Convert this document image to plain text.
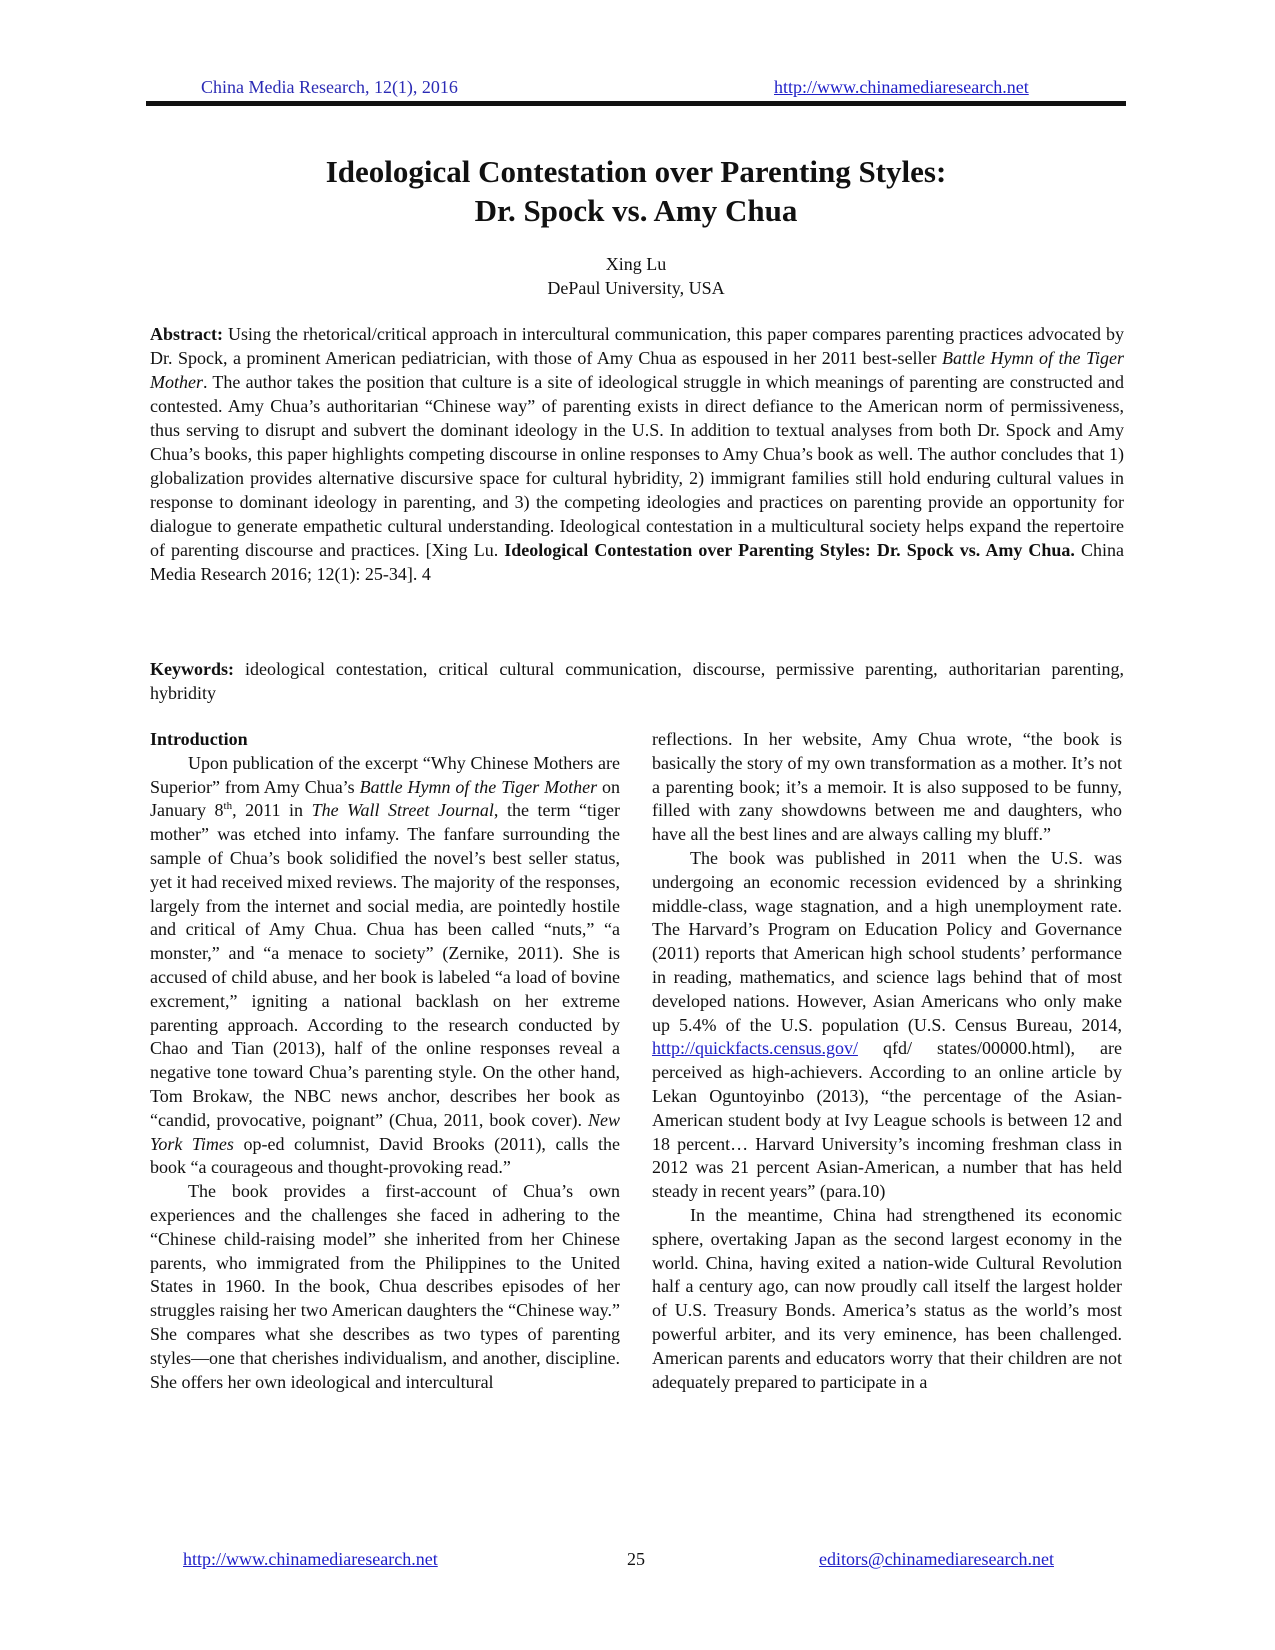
China Media Research, 12(1), 2016	http://www.chinamediaresearch.net
Ideological Contestation over Parenting Styles:
Dr. Spock vs. Amy Chua
Xing Lu
DePaul University, USA
Abstract: Using the rhetorical/critical approach in intercultural communication, this paper compares parenting practices advocated by Dr. Spock, a prominent American pediatrician, with those of Amy Chua as espoused in her 2011 best-seller Battle Hymn of the Tiger Mother. The author takes the position that culture is a site of ideological struggle in which meanings of parenting are constructed and contested. Amy Chua’s authoritarian “Chinese way” of parenting exists in direct defiance to the American norm of permissiveness, thus serving to disrupt and subvert the dominant ideology in the U.S. In addition to textual analyses from both Dr. Spock and Amy Chua’s books, this paper highlights competing discourse in online responses to Amy Chua’s book as well. The author concludes that 1) globalization provides alternative discursive space for cultural hybridity, 2) immigrant families still hold enduring cultural values in response to dominant ideology in parenting, and 3) the competing ideologies and practices on parenting provide an opportunity for dialogue to generate empathetic cultural understanding. Ideological contestation in a multicultural society helps expand the repertoire of parenting discourse and practices. [Xing Lu. Ideological Contestation over Parenting Styles: Dr. Spock vs. Amy Chua. China Media Research 2016; 12(1): 25-34]. 4
Keywords: ideological contestation, critical cultural communication, discourse, permissive parenting, authoritarian parenting, hybridity
Introduction

Upon publication of the excerpt “Why Chinese Mothers are Superior” from Amy Chua’s Battle Hymn of the Tiger Mother on January 8th, 2011 in The Wall Street Journal, the term “tiger mother” was etched into infamy. The fanfare surrounding the sample of Chua’s book solidified the novel’s best seller status, yet it had received mixed reviews. The majority of the responses, largely from the internet and social media, are pointedly hostile and critical of Amy Chua. Chua has been called “nuts,” “a monster,” and “a menace to society” (Zernike, 2011). She is accused of child abuse, and her book is labeled “a load of bovine excrement,” igniting a national backlash on her extreme parenting approach. According to the research conducted by Chao and Tian (2013), half of the online responses reveal a negative tone toward Chua’s parenting style. On the other hand, Tom Brokaw, the NBC news anchor, describes her book as “candid, provocative, poignant” (Chua, 2011, book cover). New York Times op-ed columnist, David Brooks (2011), calls the book “a courageous and thought-provoking read.”

The book provides a first-account of Chua’s own experiences and the challenges she faced in adhering to the “Chinese child-raising model” she inherited from her Chinese parents, who immigrated from the Philippines to the United States in 1960. In the book, Chua describes episodes of her struggles raising her two American daughters the “Chinese way.” She compares what she describes as two types of parenting styles—one that cherishes individualism, and another, discipline. She offers her own ideological and intercultural

reflections. In her website, Amy Chua wrote, “the book is basically the story of my own transformation as a mother. It’s not a parenting book; it’s a memoir. It is also supposed to be funny, filled with zany showdowns between me and daughters, who have all the best lines and are always calling my bluff.”

The book was published in 2011 when the U.S. was undergoing an economic recession evidenced by a shrinking middle-class, wage stagnation, and a high unemployment rate. The Harvard’s Program on Education Policy and Governance (2011) reports that American high school students’ performance in reading, mathematics, and science lags behind that of most developed nations. However, Asian Americans who only make up 5.4% of the U.S. population (U.S. Census Bureau, 2014, http://quickfacts.census.gov/ qfd/ states/00000.html), are perceived as high-achievers. According to an online article by Lekan Oguntoyinbo (2013), “the percentage of the Asian-American student body at Ivy League schools is between 12 and 18 percent… Harvard University’s incoming freshman class in 2012 was 21 percent Asian-American, a number that has held steady in recent years” (para.10)

In the meantime, China had strengthened its economic sphere, overtaking Japan as the second largest economy in the world. China, having exited a nation-wide Cultural Revolution half a century ago, can now proudly call itself the largest holder of U.S. Treasury Bonds. America’s status as the world’s most powerful arbiter, and its very eminence, has been challenged. American parents and educators worry that their children are not adequately prepared to participate in a

http://www.chinamediaresearch.net	25	editors@chinamediaresearch.net
